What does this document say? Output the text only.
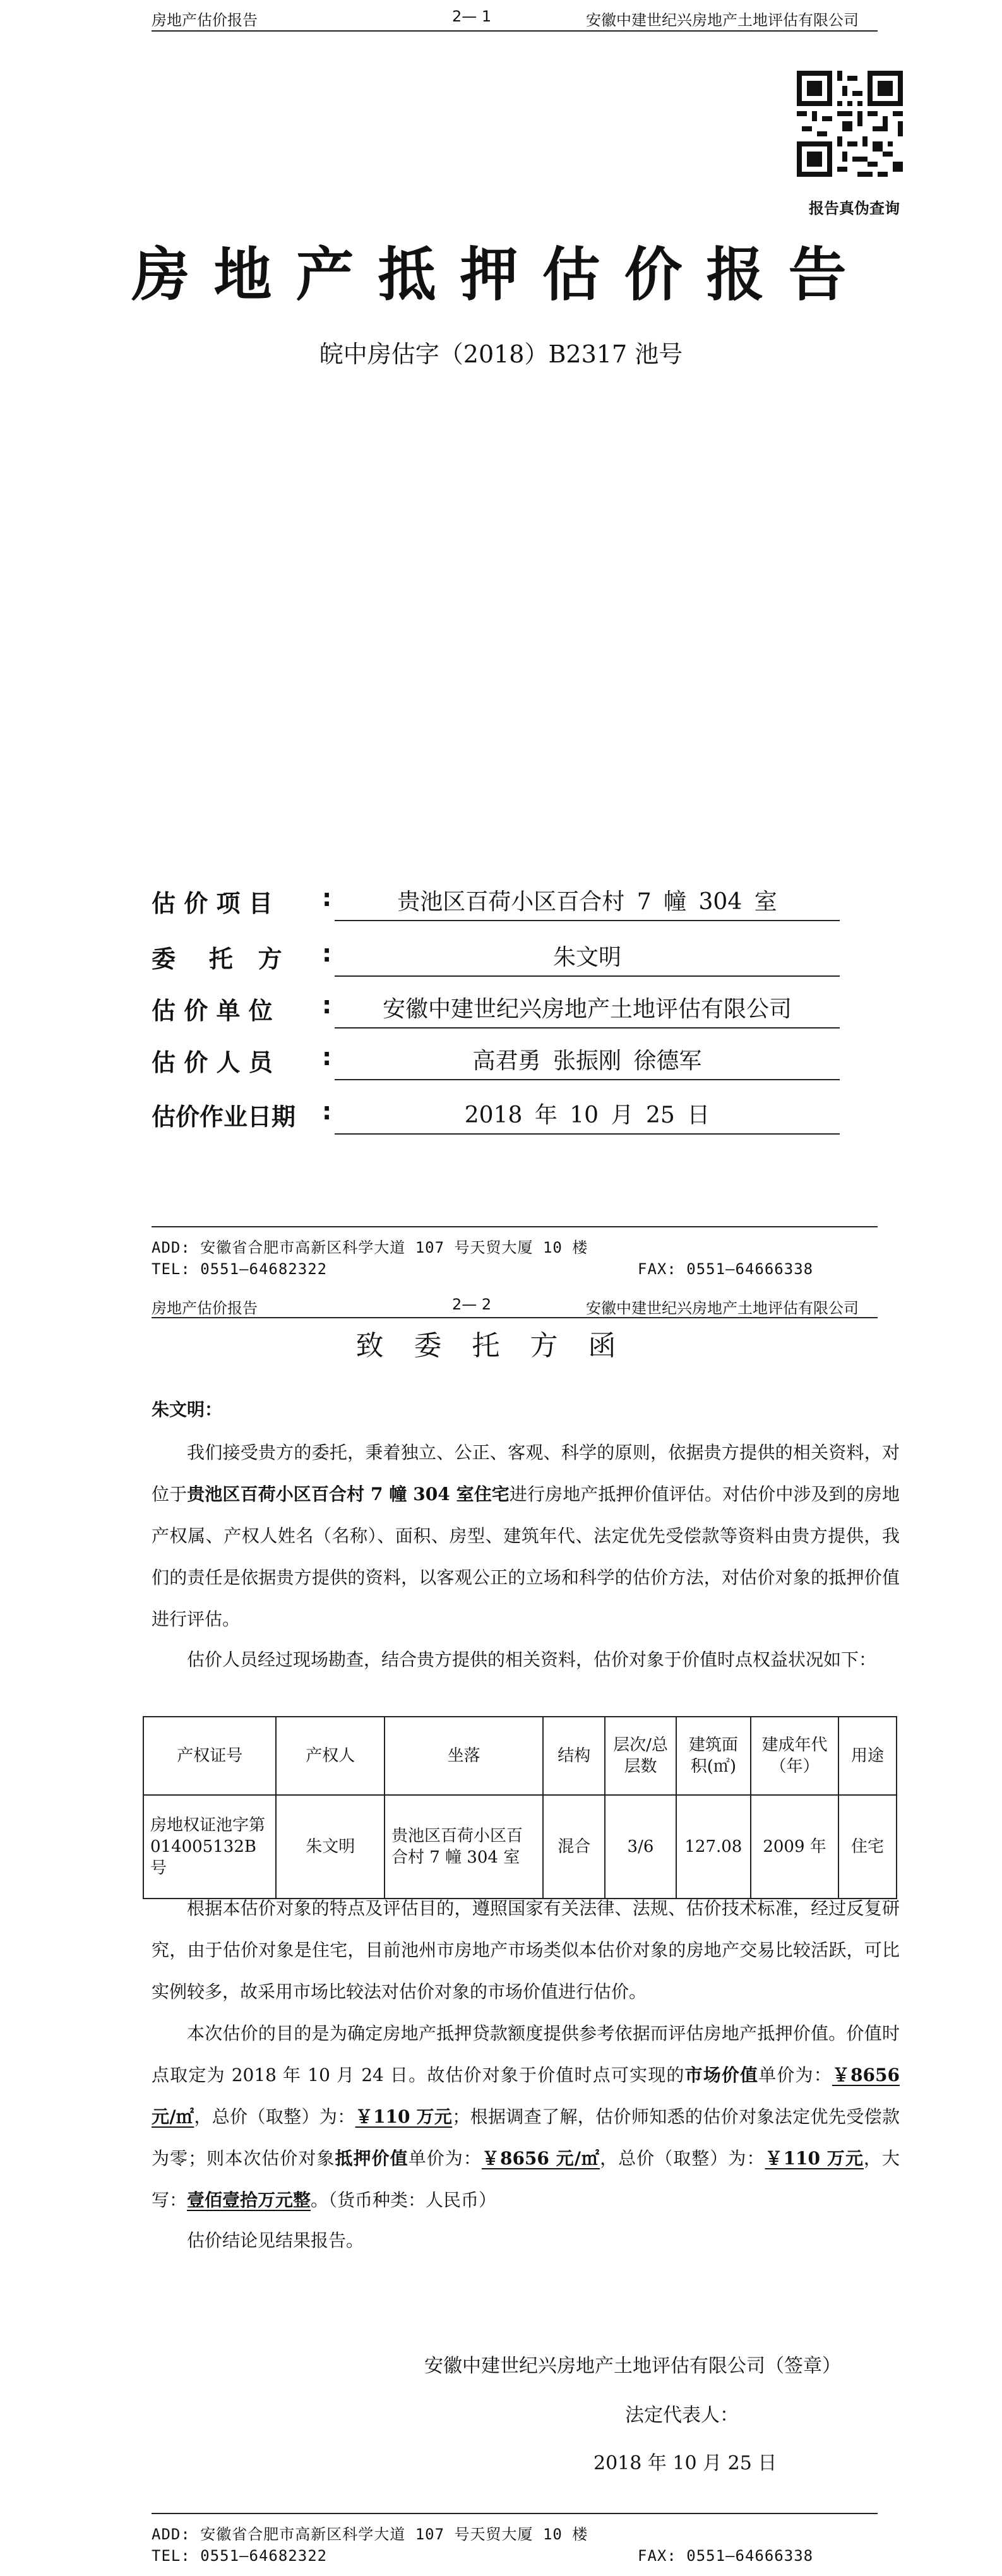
房地产估价报告	2— 1	安徽中建世纪兴房地产土地评估有限公司
报告真伪查询
房地产抵押估价报告
皖中房估字（2018）B2317 池号
估 价 项 目 :	贵池区百荷小区百合村 7 幢 304 室
委    托   方 :	朱文明
估 价 单 位 :	安徽中建世纪兴房地产土地评估有限公司
估 价 人 员 :	高君勇 张振刚 徐德军
估价作业日期 :	2018 年 10 月 25 日
ADD: 安徽省合肥市高新区科学大道 107 号天贸大厦 10 楼
TEL: 0551—64682322	FAX: 0551—64666338
房地产估价报告	2— 2	安徽中建世纪兴房地产土地评估有限公司
致委托方函
朱文明：
我们接受贵方的委托，秉着独立、公正、客观、科学的原则，依据贵方提供的相关资料，对位于贵池区百荷小区百合村 7 幢 304 室住宅进行房地产抵押价值评估。对估价中涉及到的房地产权属、产权人姓名（名称）、面积、房型、建筑年代、法定优先受偿款等资料由贵方提供，我们的责任是依据贵方提供的资料，以客观公正的立场和科学的估价方法，对估价对象的抵押价值进行评估。
估价人员经过现场勘查，结合贵方提供的相关资料，估价对象于价值时点权益状况如下：
产权证号	产权人	坐落	结构	层次/总层数	建筑面积(㎡)	建成年代（年）	用途
房地权证池字第 014005132B 号	朱文明	贵池区百荷小区百合村 7 幢 304 室	混合	3/6	127.08	2009 年	住宅
根据本估价对象的特点及评估目的，遵照国家有关法律、法规、估价技术标准，经过反复研究，由于估价对象是住宅，目前池州市房地产市场类似本估价对象的房地产交易比较活跃，可比实例较多，故采用市场比较法对估价对象的市场价值进行估价。
本次估价的目的是为确定房地产抵押贷款额度提供参考依据而评估房地产抵押价值。价值时点取定为 2018 年 10 月 24 日。故估价对象于价值时点可实现的市场价值单价为：￥8656 元/㎡，总价（取整）为：￥110 万元；根据调查了解，估价师知悉的估价对象法定优先受偿款为零；则本次估价对象抵押价值单价为：￥8656 元/㎡，总价（取整）为：￥110 万元，大写：壹佰壹拾万元整。（货币种类：人民币）
估价结论见结果报告。
安徽中建世纪兴房地产土地评估有限公司（签章）
法定代表人：
2018 年 10 月 25 日
ADD: 安徽省合肥市高新区科学大道 107 号天贸大厦 10 楼
TEL: 0551—64682322	FAX: 0551—64666338
